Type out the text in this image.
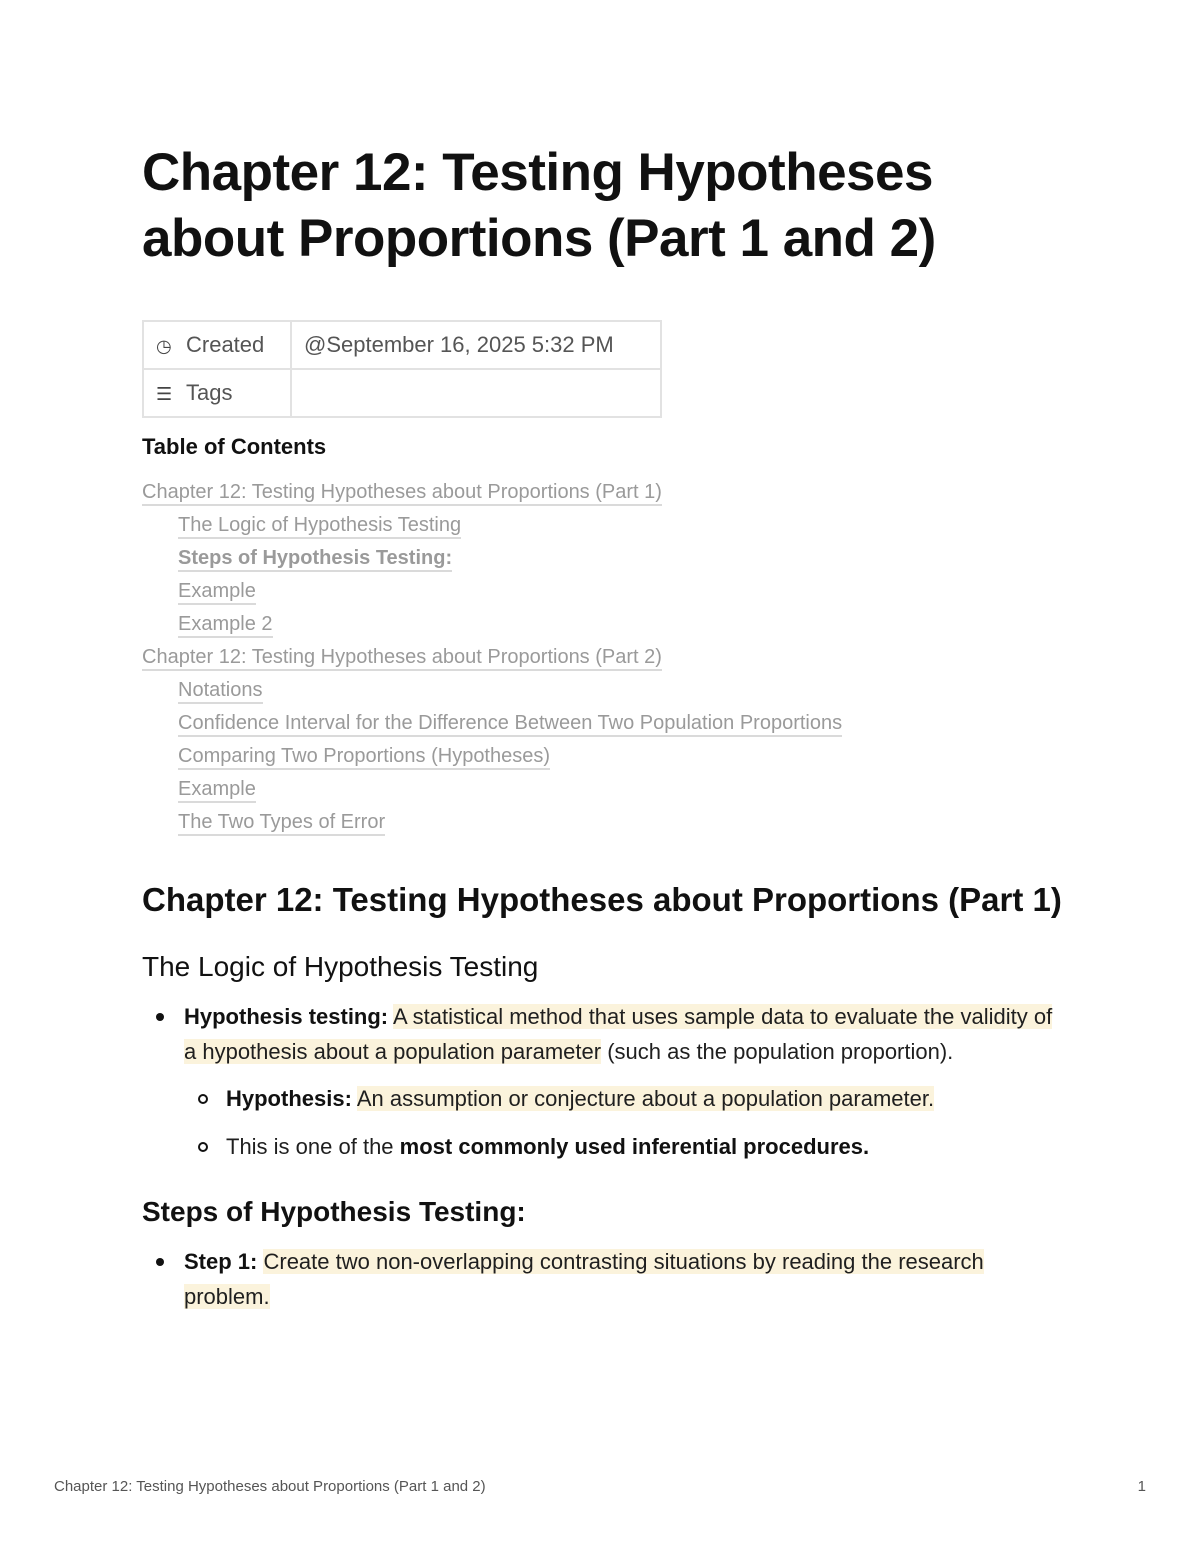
Chapter 12: Testing Hypotheses about Proportions (Part 1 and 2)
◷ Created	@September 16, 2025 5:32 PM
☰ Tags	
Table of Contents
Chapter 12: Testing Hypotheses about Proportions (Part 1)
The Logic of Hypothesis Testing
Steps of Hypothesis Testing:
Example
Example 2
Chapter 12: Testing Hypotheses about Proportions (Part 2)
Notations
Confidence Interval for the Difference Between Two Population Proportions
Comparing Two Proportions (Hypotheses)
Example
The Two Types of Error
Chapter 12: Testing Hypotheses about Proportions (Part 1)
The Logic of Hypothesis Testing
Hypothesis testing: A statistical method that uses sample data to evaluate the validity of a hypothesis about a population parameter (such as the population proportion).
Hypothesis: An assumption or conjecture about a population parameter.
This is one of the most commonly used inferential procedures.
Steps of Hypothesis Testing:
Step 1: Create two non-overlapping contrasting situations by reading the research problem.
Chapter 12: Testing Hypotheses about Proportions (Part 1 and 2)	1
